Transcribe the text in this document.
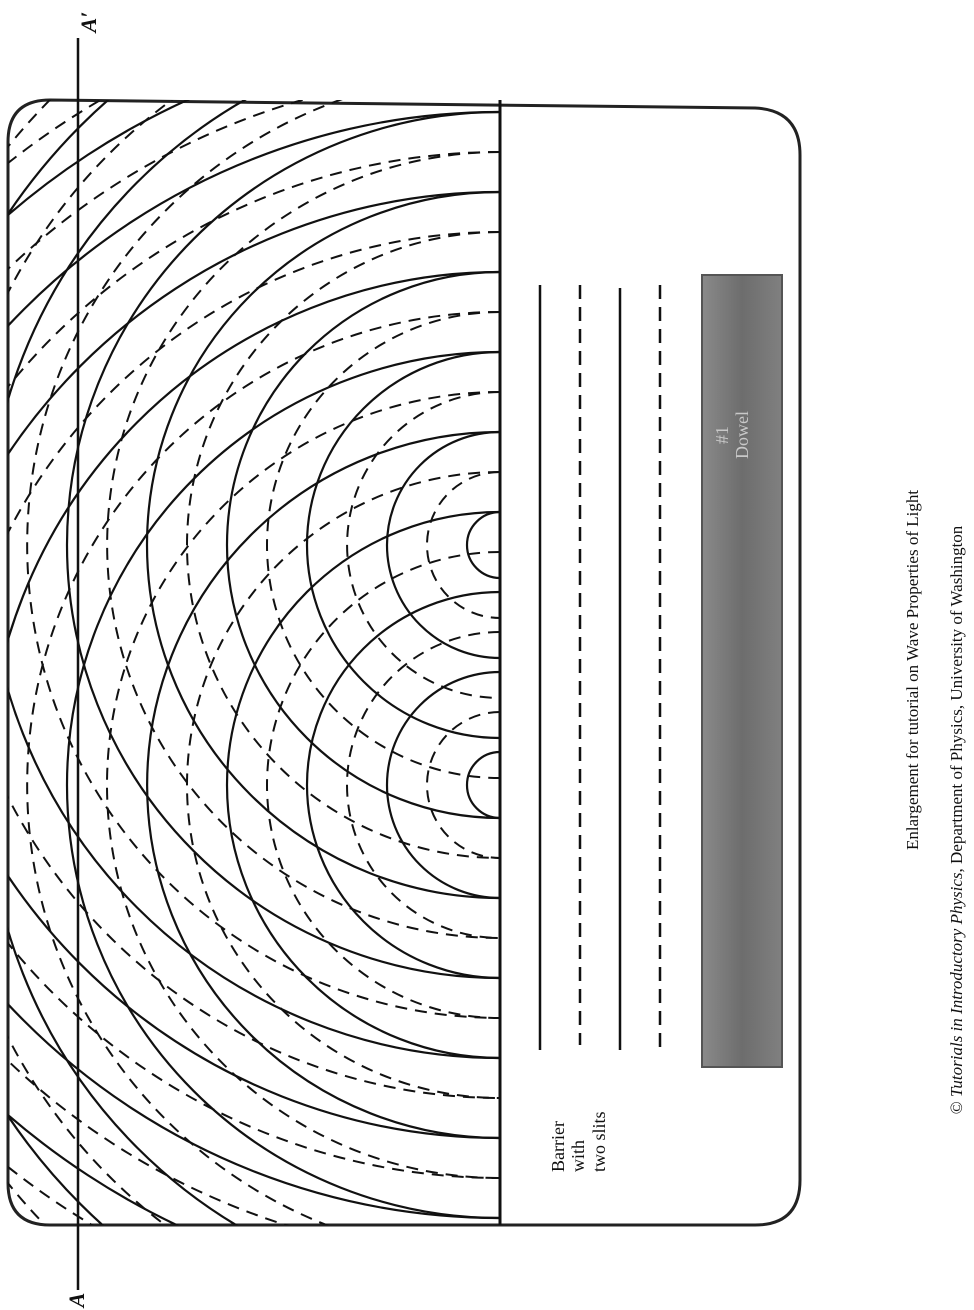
A′
A
Barrier with two slits
#1 Dowel
Enlargement for tutorial on Wave Properties of Light
© Tutorials in Introductory Physics, Department of Physics, University of Washington
